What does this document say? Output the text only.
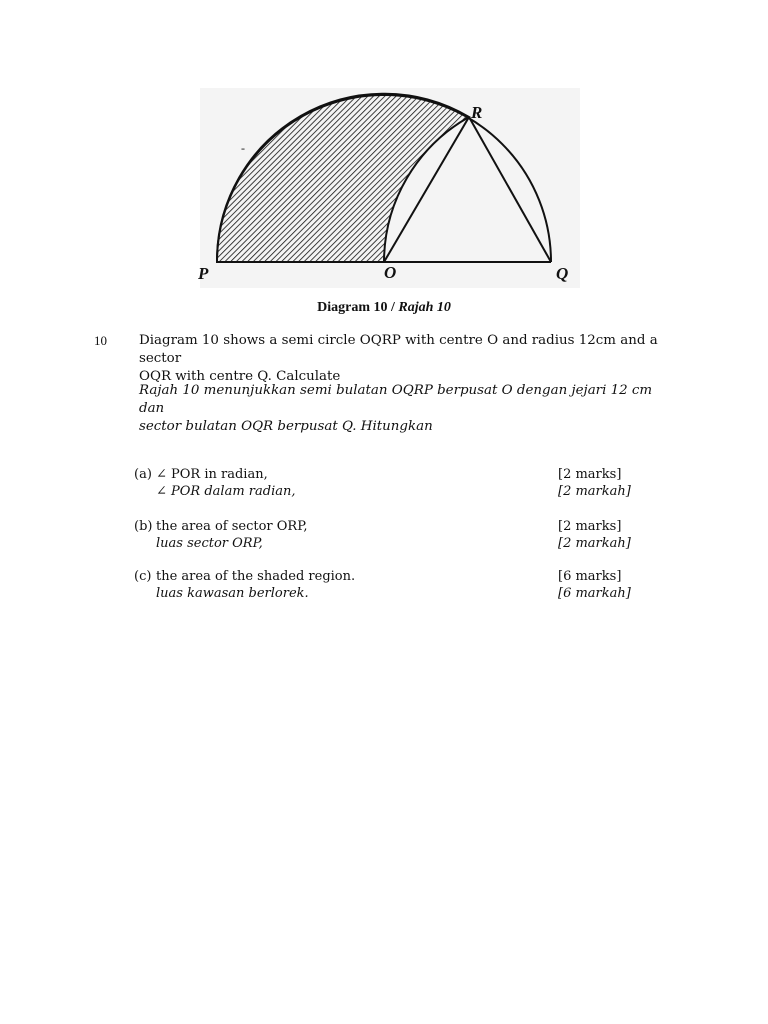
-
P	O	Q
R
Diagram 10 / Rajah 10
10 Diagram 10 shows a semi circle OQRP with centre O and radius 12cm and a sector
OQR with centre Q. Calculate
Rajah 10 menunjukkan semi bulatan OQRP berpusat O dengan jejari 12 cm dan
sector bulatan OQR berpusat Q. Hitungkan
(a) ∠ POR in radian,
∠ POR dalam radian,
[2 marks]
[2 markah]
(b) the area of sector ORP,
luas sector ORP,
[2 marks]
[2 markah]
(c) the area of the shaded region.
luas kawasan berlorek.
[6 marks]
[6 markah]
